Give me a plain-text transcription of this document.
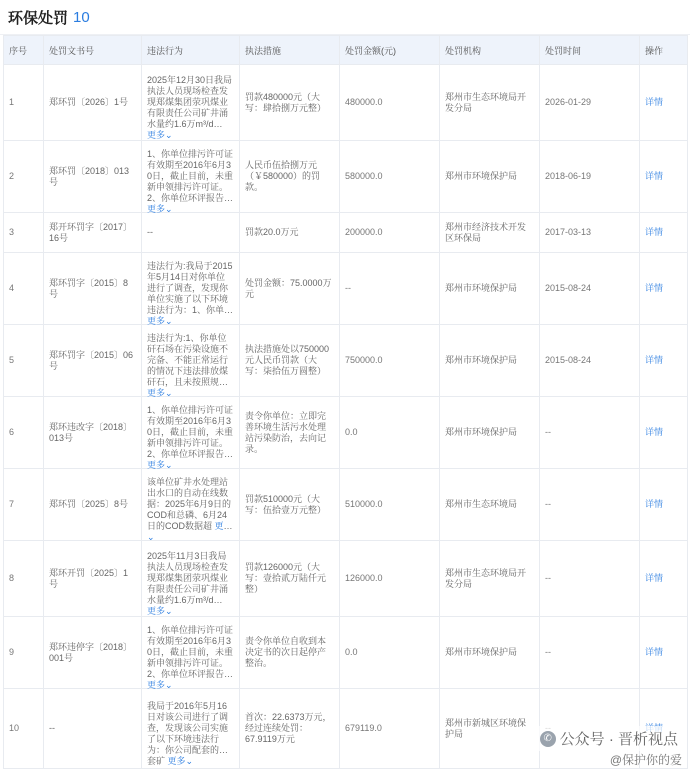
环保处罚 10
序号	处罚文书号	违法行为	执法措施	处罚金额(元)	处罚机构	处罚时间	操作
1	郑环罚〔2026〕1号	2025年12月30日我局执法人员现场检查发现郑煤集团荥巩煤业有限责任公司矿井涌水量约1.6万m³/d 更多⌄	罚款480000元（大写：肆拾捌万元整）	480000.0	郑州市生态环境局开发分局	2026-01-29	详情
2	郑环罚〔2018〕013号	1、你单位排污许可证有效期至2016年6月30日，截止目前，未重新申领排污许可证。2、你单位环评报告 更多⌄	人民币伍拾捌万元（￥580000）的罚款。	580000.0	郑州市环境保护局	2018-06-19	详情
3	郑开环罚字〔2017〕16号	--	罚款20.0万元	200000.0	郑州市经济技术开发区环保局	2017-03-13	详情
4	郑环罚字〔2015〕8号	违法行为:我局于2015年5月14日对你单位进行了调查，发现你单位实施了以下环境违法行为：1、你单 更多⌄	处罚金额：75.0000万元	--	郑州市环境保护局	2015-08-24	详情
5	郑环罚字〔2015〕06号	违法行为:1、你单位矸石场在污染设施不完备、不能正常运行的情况下违法排放煤矸石，且未按照规定 更多⌄	执法措施处以750000元人民币罚款（大写：柒拾伍万圆整）	750000.0	郑州市环境保护局	2015-08-24	详情
6	郑环违改字〔2018〕013号	1、你单位排污许可证有效期至2016年6月30日，截止目前，未重新申领排污许可证。2、你单位环评报告 更多⌄	责令你单位：立即完善环境生活污水处理站污染防治，去向记录。	0.0	郑州市环境保护局	--	详情
7	郑环罚〔2025〕8号	该单位矿井水处理站出水口的自动在线数据：2025年6月9日的COD和总磷、6月24日的COD数据超 更多⌄	罚款510000元（大写：伍拾壹万元整）	510000.0	郑州市生态环境局	--	详情
8	郑环开罚〔2025〕1号	2025年11月3日我局执法人员现场检查发现郑煤集团荥巩煤业有限责任公司矿井涌水量约1.6万m³/d 更多⌄	罚款126000元（大写：壹拾贰万陆仟元整）	126000.0	郑州市生态环境局开发分局	--	详情
9	郑环违停字〔2018〕001号	1、你单位排污许可证有效期至2016年6月30日，截止目前，未重新申领排污许可证。2、你单位环评报告 更多⌄	责令你单位自收到本决定书的次日起停产整治。	0.0	郑州市环境保护局	--	详情
10	--	我局于2016年5月16日对该公司进行了调查，发现该公司实施了以下环境违法行为：你公司配套的三套矿 更多⌄	首次：22.6373万元，经过连续处罚：67.9119万元	679119.0	郑州市新城区环境保护局			✆ 公众号 · 晋析视点
@保护你的爱
